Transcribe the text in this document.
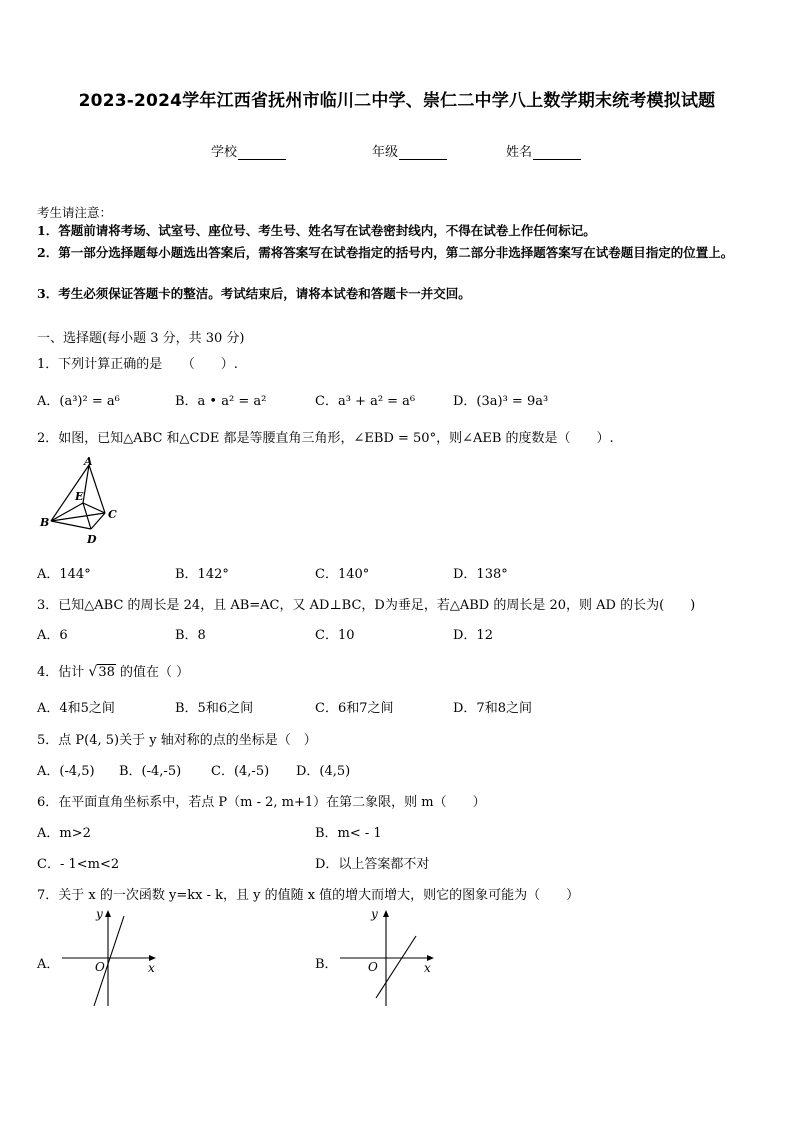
2023-2024学年江西省抚州市临川二中学、崇仁二中学八上数学期末统考模拟试题
学校	年级	姓名
考生请注意：
1．答题前请将考场、试室号、座位号、考生号、姓名写在试卷密封线内，不得在试卷上作任何标记。
2．第一部分选择题每小题选出答案后，需将答案写在试卷指定的括号内，第二部分非选择题答案写在试卷题目指定的位置上。
3．考生必须保证答题卡的整洁。考试结束后，请将本试卷和答题卡一并交回。
一、选择题(每小题 3 分，共 30 分)
1．下列计算正确的是　　（　　）.
A．(a³)² = a⁶	B．a • a² = a²	C．a³ + a² = a⁶	D．(3a)³ = 9a³
2．如图，已知△ABC 和△CDE 都是等腰直角三角形，∠EBD = 50°，则∠AEB 的度数是（　　）.
A
E
B
C
D
A．144°	B．142°	C．140°	D．138°
3．已知△ABC 的周长是 24，且 AB=AC，又 AD⊥BC，D为垂足，若△ABD 的周长是 20，则 AD 的长为(　　)
A．6	B．8	C．10	D．12
4．估计 √38 的值在（ ）
A．4和5之间	B．5和6之间	C．6和7之间	D．7和8之间
5．点 P(4, 5)关于 y 轴对称的点的坐标是（　）
A．(-4,5) B．(-4,-5) C．(4,-5) D．(4,5)
6．在平面直角坐标系中，若点 P（m - 2, m+1）在第二象限，则 m（　　）
A．m>2	B．m< - 1
C．- 1<m<2	D．以上答案都不对
7．关于 x 的一次函数 y=kx - k，且 y 的值随 x 值的增大而增大，则它的图象可能为（　　）
A．
y
x
O	B．
y
x
O
